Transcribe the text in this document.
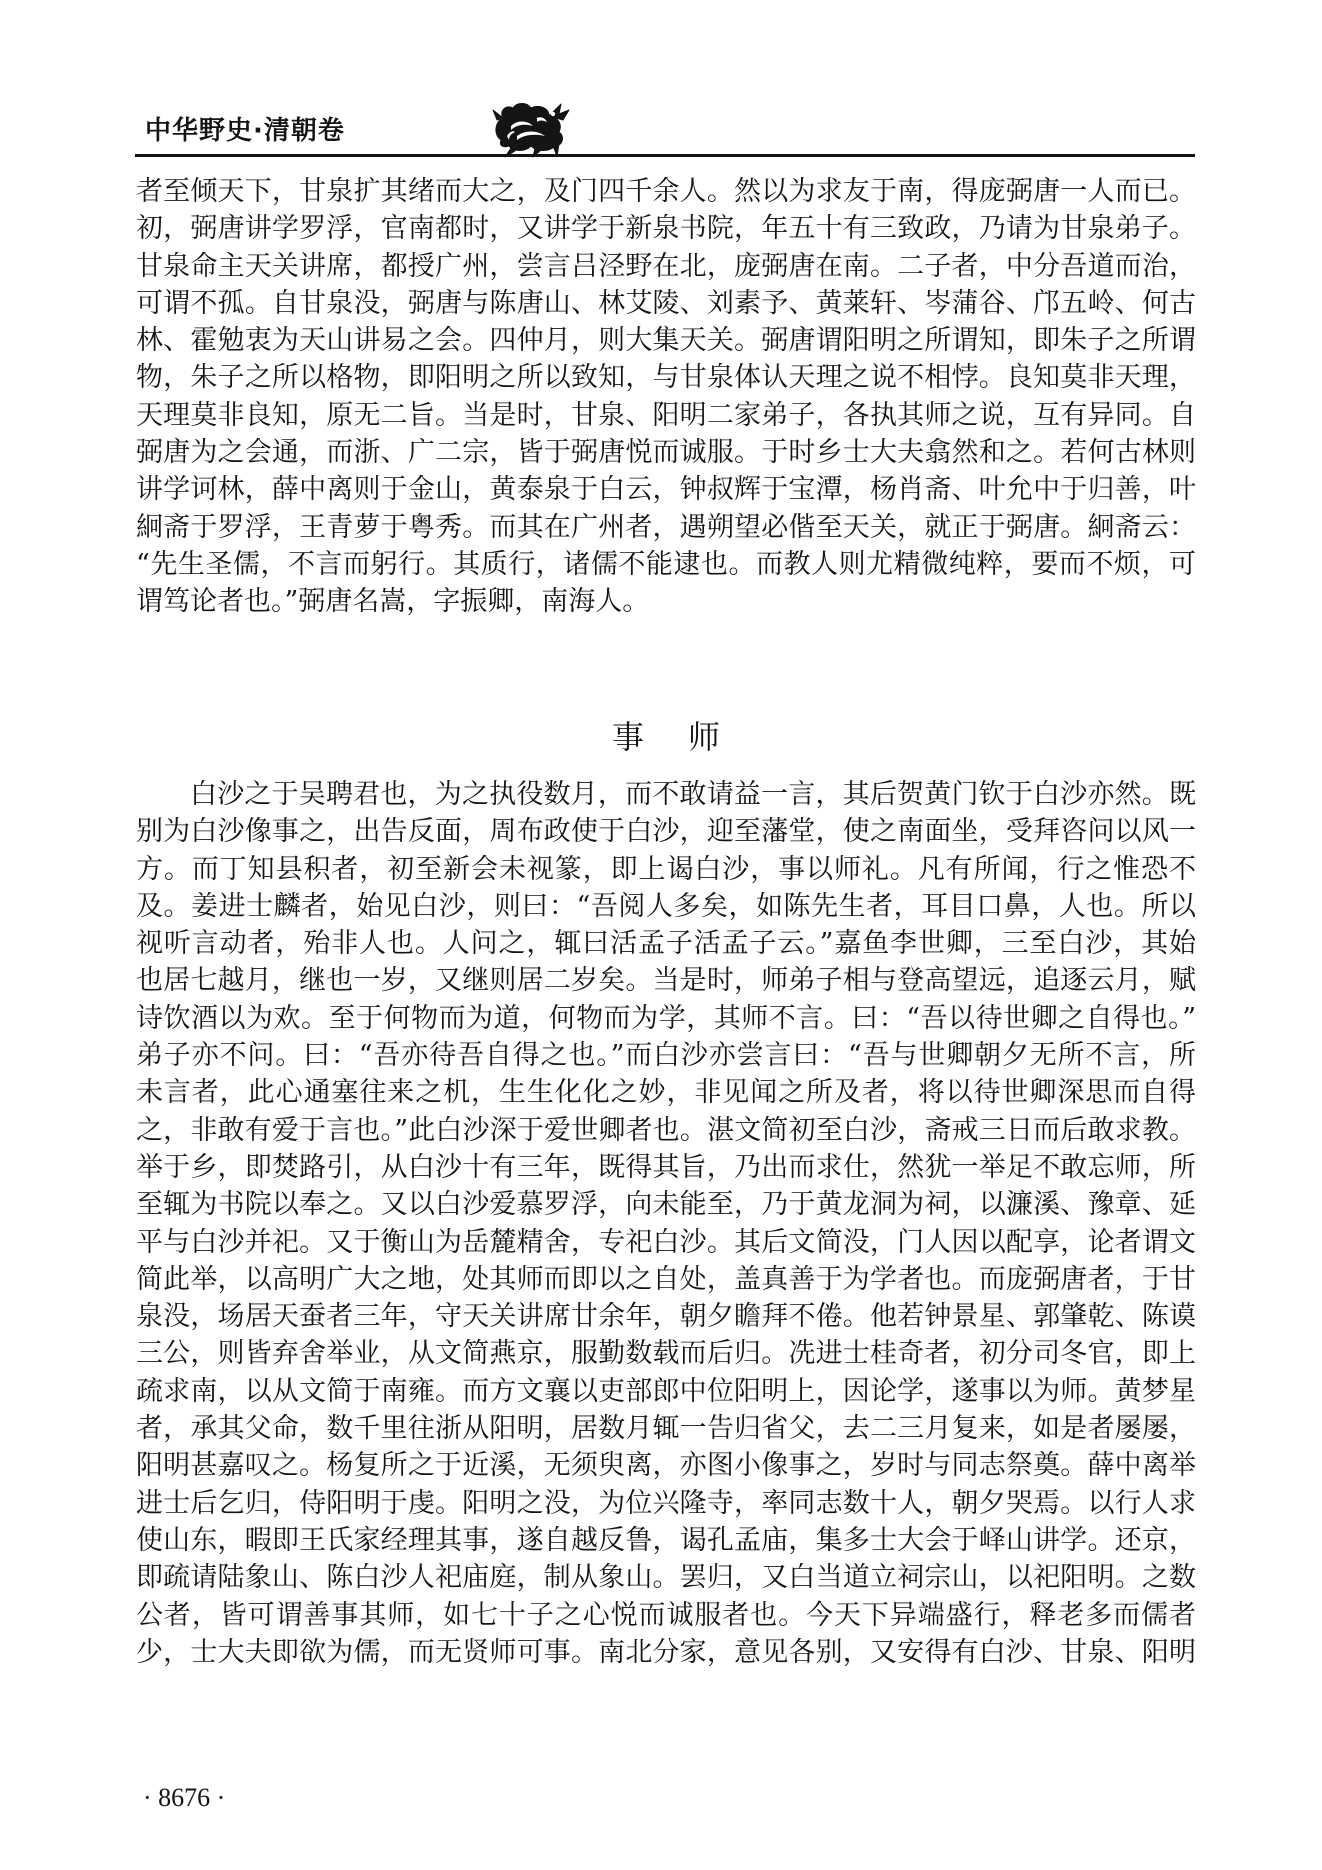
中华野史·清朝卷
者至倾天下，甘泉扩其绪而大之，及门四千余人。然以为求友于南，得庞弼唐一人而已。
初，弼唐讲学罗浮，官南都时，又讲学于新泉书院，年五十有三致政，乃请为甘泉弟子。
甘泉命主天关讲席，都授广州，尝言吕泾野在北，庞弼唐在南。二子者，中分吾道而治，
可谓不孤。自甘泉没，弼唐与陈唐山、林艾陵、刘素予、黄莱轩、岑蒲谷、邝五岭、何古
林、霍勉衷为天山讲易之会。四仲月，则大集天关。弼唐谓阳明之所谓知，即朱子之所谓
物，朱子之所以格物，即阳明之所以致知，与甘泉体认天理之说不相悖。良知莫非天理，
天理莫非良知，原无二旨。当是时，甘泉、阳明二家弟子，各执其师之说，互有异同。自
弼唐为之会通，而浙、广二宗，皆于弼唐悦而诚服。于时乡士大夫翕然和之。若何古林则
讲学诃林，薛中离则于金山，黄泰泉于白云，钟叔辉于宝潭，杨肖斋、叶允中于归善，叶
絅斋于罗浮，王青萝于粤秀。而其在广州者，遇朔望必偕至天关，就正于弼唐。絅斋云：
“先生圣儒，不言而躬行。其质行，诸儒不能逮也。而教人则尤精微纯粹，要而不烦，可
谓笃论者也。”弼唐名嵩，字振卿，南海人。
事师
白沙之于吴聘君也，为之执役数月，而不敢请益一言，其后贺黄门钦于白沙亦然。既
别为白沙像事之，出告反面，周布政使于白沙，迎至藩堂，使之南面坐，受拜咨问以风一
方。而丁知县积者，初至新会未视篆，即上谒白沙，事以师礼。凡有所闻，行之惟恐不
及。姜进士麟者，始见白沙，则曰：“吾阅人多矣，如陈先生者，耳目口鼻，人也。所以
视听言动者，殆非人也。人问之，辄曰活孟子活孟子云。”嘉鱼李世卿，三至白沙，其始
也居七越月，继也一岁，又继则居二岁矣。当是时，师弟子相与登高望远，追逐云月，赋
诗饮酒以为欢。至于何物而为道，何物而为学，其师不言。曰：“吾以待世卿之自得也。”
弟子亦不问。曰：“吾亦待吾自得之也。”而白沙亦尝言曰：“吾与世卿朝夕无所不言，所
未言者，此心通塞往来之机，生生化化之妙，非见闻之所及者，将以待世卿深思而自得
之，非敢有爱于言也。”此白沙深于爱世卿者也。湛文简初至白沙，斋戒三日而后敢求教。
举于乡，即焚路引，从白沙十有三年，既得其旨，乃出而求仕，然犹一举足不敢忘师，所
至辄为书院以奉之。又以白沙爱慕罗浮，向未能至，乃于黄龙洞为祠，以濂溪、豫章、延
平与白沙并祀。又于衡山为岳麓精舍，专祀白沙。其后文简没，门人因以配享，论者谓文
简此举，以高明广大之地，处其师而即以之自处，盖真善于为学者也。而庞弼唐者，于甘
泉没，场居天蚕者三年，守天关讲席廿余年，朝夕瞻拜不倦。他若钟景星、郭肇乾、陈谟
三公，则皆弃舍举业，从文简燕京，服勤数载而后归。冼进士桂奇者，初分司冬官，即上
疏求南，以从文简于南雍。而方文襄以吏部郎中位阳明上，因论学，遂事以为师。黄梦星
者，承其父命，数千里往浙从阳明，居数月辄一告归省父，去二三月复来，如是者屡屡，
阳明甚嘉叹之。杨复所之于近溪，无须臾离，亦图小像事之，岁时与同志祭奠。薛中离举
进士后乞归，侍阳明于虔。阳明之没，为位兴隆寺，率同志数十人，朝夕哭焉。以行人求
使山东，暇即王氏家经理其事，遂自越反鲁，谒孔孟庙，集多士大会于峄山讲学。还京，
即疏请陆象山、陈白沙人祀庙庭，制从象山。罢归，又白当道立祠宗山，以祀阳明。之数
公者，皆可谓善事其师，如七十子之心悦而诚服者也。今天下异端盛行，释老多而儒者
少，士大夫即欲为儒，而无贤师可事。南北分家，意见各别，又安得有白沙、甘泉、阳明
· 8676 ·
